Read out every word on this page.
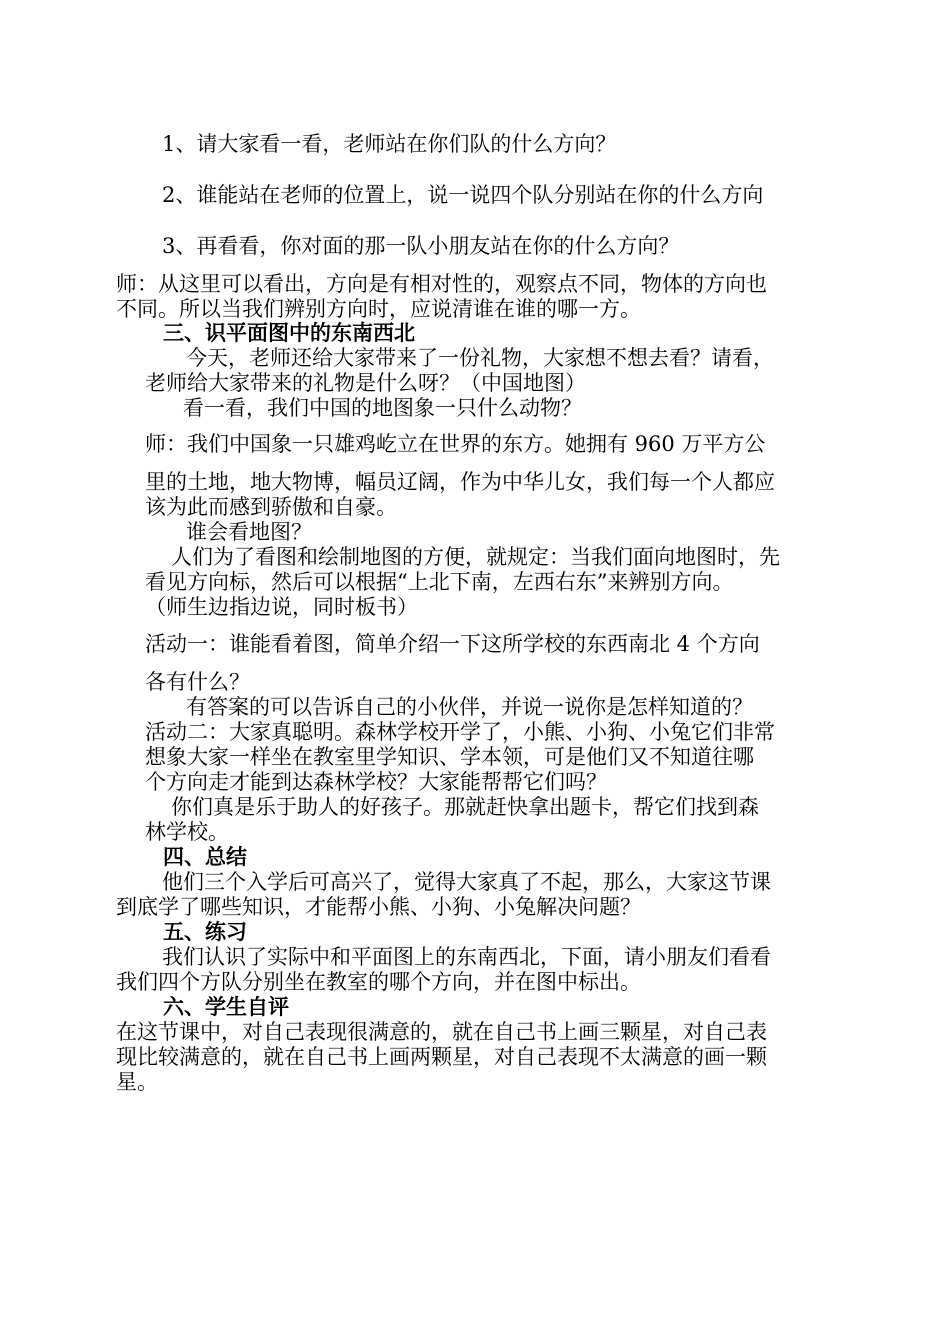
1、请大家看一看，老师站在你们队的什么方向？
2、谁能站在老师的位置上，说一说四个队分别站在你的什么方向
3、再看看，你对面的那一队小朋友站在你的什么方向？
师：从这里可以看出，方向是有相对性的，观察点不同，物体的方向也
不同。所以当我们辨别方向时，应说清谁在谁的哪一方。
三、识平面图中的东南西北
今天，老师还给大家带来了一份礼物，大家想不想去看？请看，
老师给大家带来的礼物是什么呀？（中国地图）
看一看，我们中国的地图象一只什么动物？
师：我们中国象一只雄鸡屹立在世界的东方。她拥有 960 万平方公
里的土地，地大物博，幅员辽阔，作为中华儿女，我们每一个人都应
该为此而感到骄傲和自豪。
谁会看地图？
人们为了看图和绘制地图的方便，就规定：当我们面向地图时，先
看见方向标，然后可以根据“上北下南，左西右东”来辨别方向。
（师生边指边说，同时板书）
活动一：谁能看着图，简单介绍一下这所学校的东西南北 4 个方向
各有什么？
有答案的可以告诉自己的小伙伴，并说一说你是怎样知道的？
活动二：大家真聪明。森林学校开学了，小熊、小狗、小兔它们非常
想象大家一样坐在教室里学知识、学本领，可是他们又不知道往哪
个方向走才能到达森林学校？大家能帮帮它们吗？
你们真是乐于助人的好孩子。那就赶快拿出题卡，帮它们找到森
林学校。
四、总结
他们三个入学后可高兴了，觉得大家真了不起，那么，大家这节课
到底学了哪些知识，才能帮小熊、小狗、小兔解决问题？
五、练习
我们认识了实际中和平面图上的东南西北，下面，请小朋友们看看
我们四个方队分别坐在教室的哪个方向，并在图中标出。
六、学生自评
在这节课中，对自己表现很满意的，就在自己书上画三颗星，对自己表
现比较满意的，就在自己书上画两颗星，对自己表现不太满意的画一颗
星。
